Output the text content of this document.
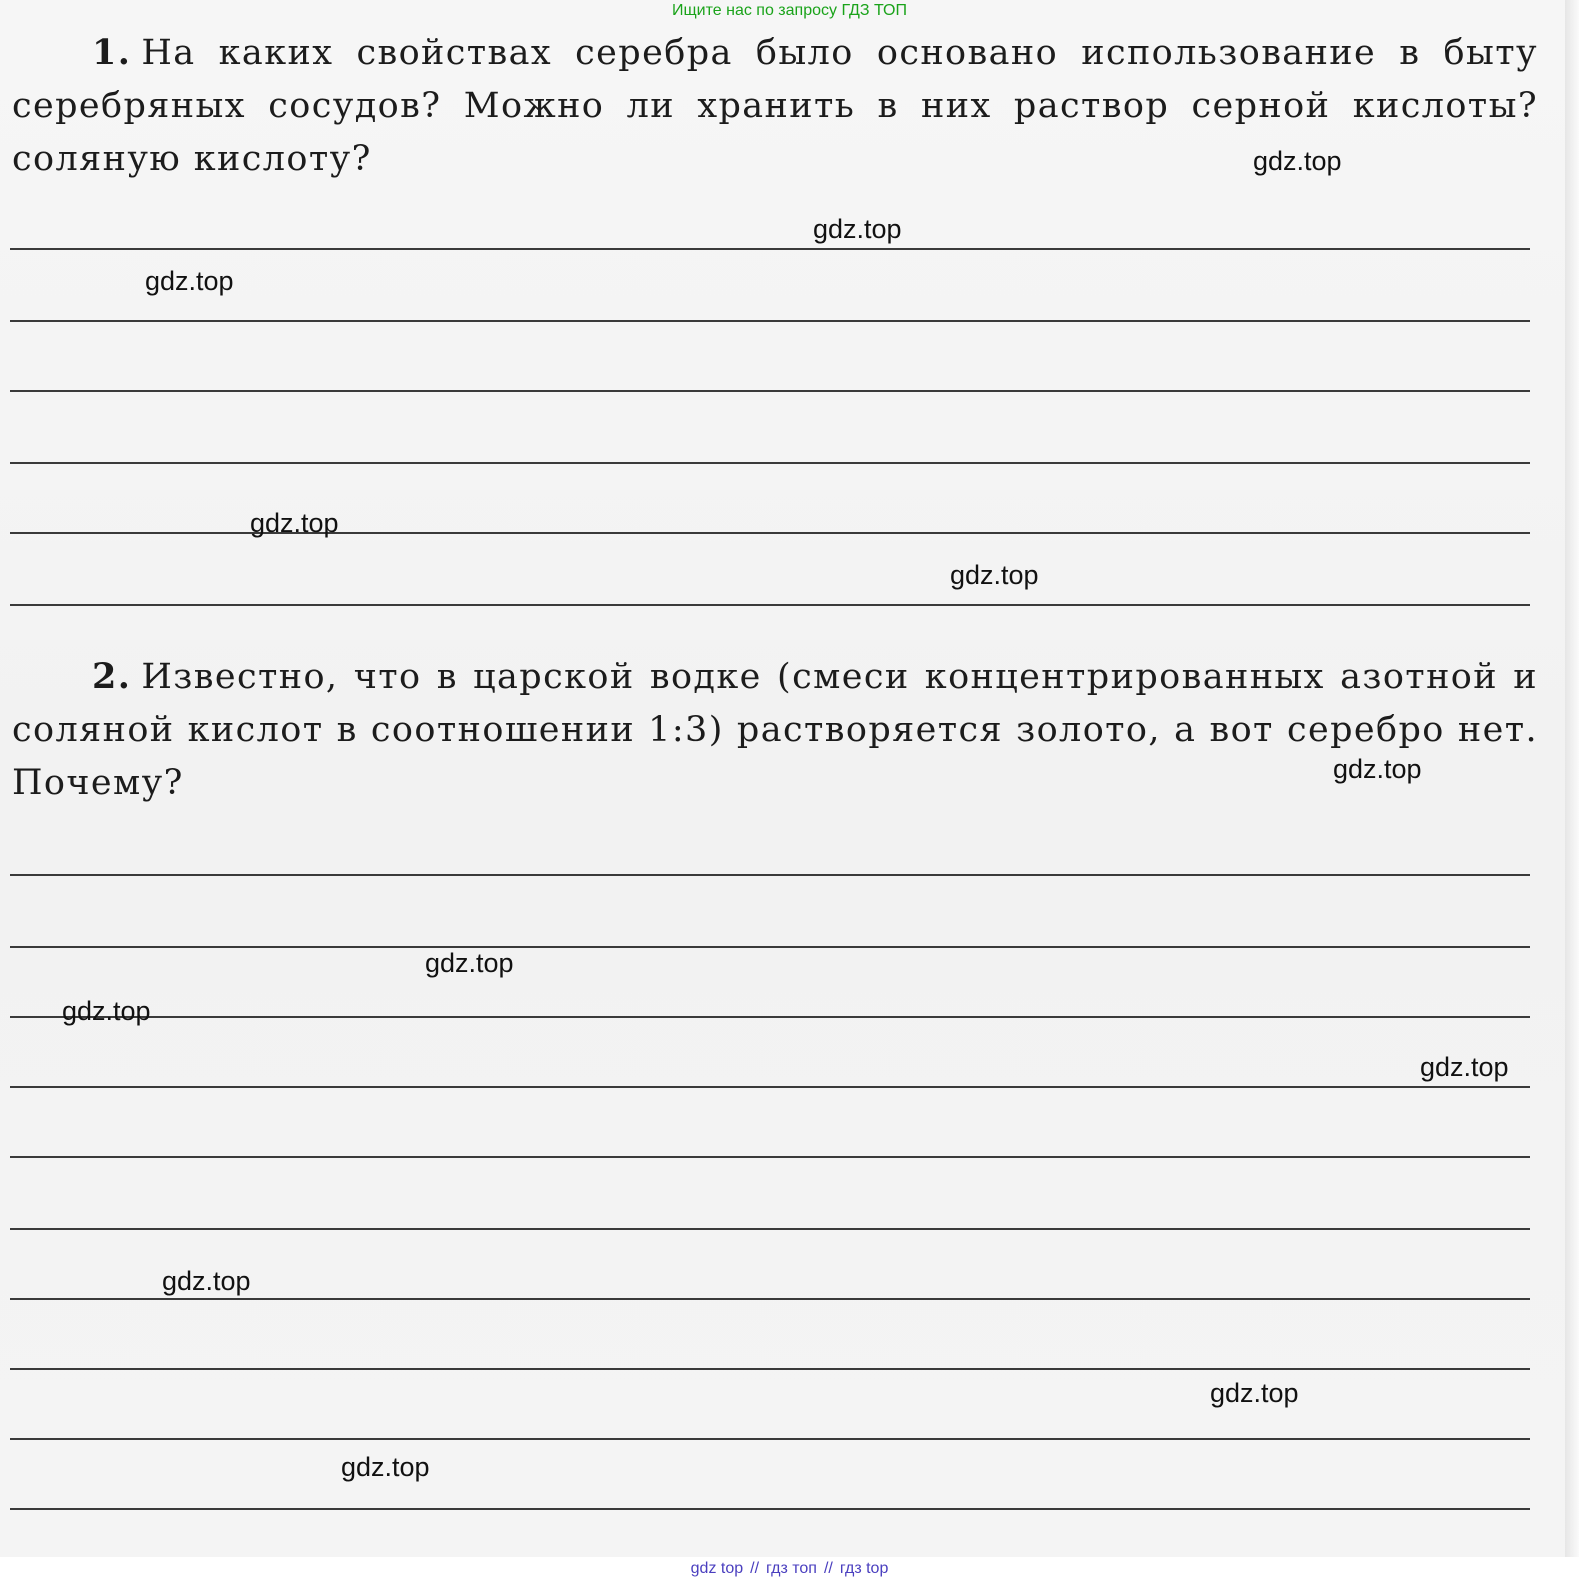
Ищите нас по запросу ГДЗ ТОП
1. На каких свойствах серебра было основано использование в быту серебряных сосудов? Можно ли хранить в них раствор серной кислоты? соляную кислоту?
2. Известно, что в царской водке (смеси концентрированных азотной и соляной кислот в соотношении 1:3) растворяется золото, а вот серебро нет. Почему?
gdz.top
gdz.top
gdz.top
gdz.top
gdz.top
gdz.top
gdz.top
gdz.top
gdz.top
gdz.top
gdz.top
gdz.top
gdz top // гдз топ // гдз top
